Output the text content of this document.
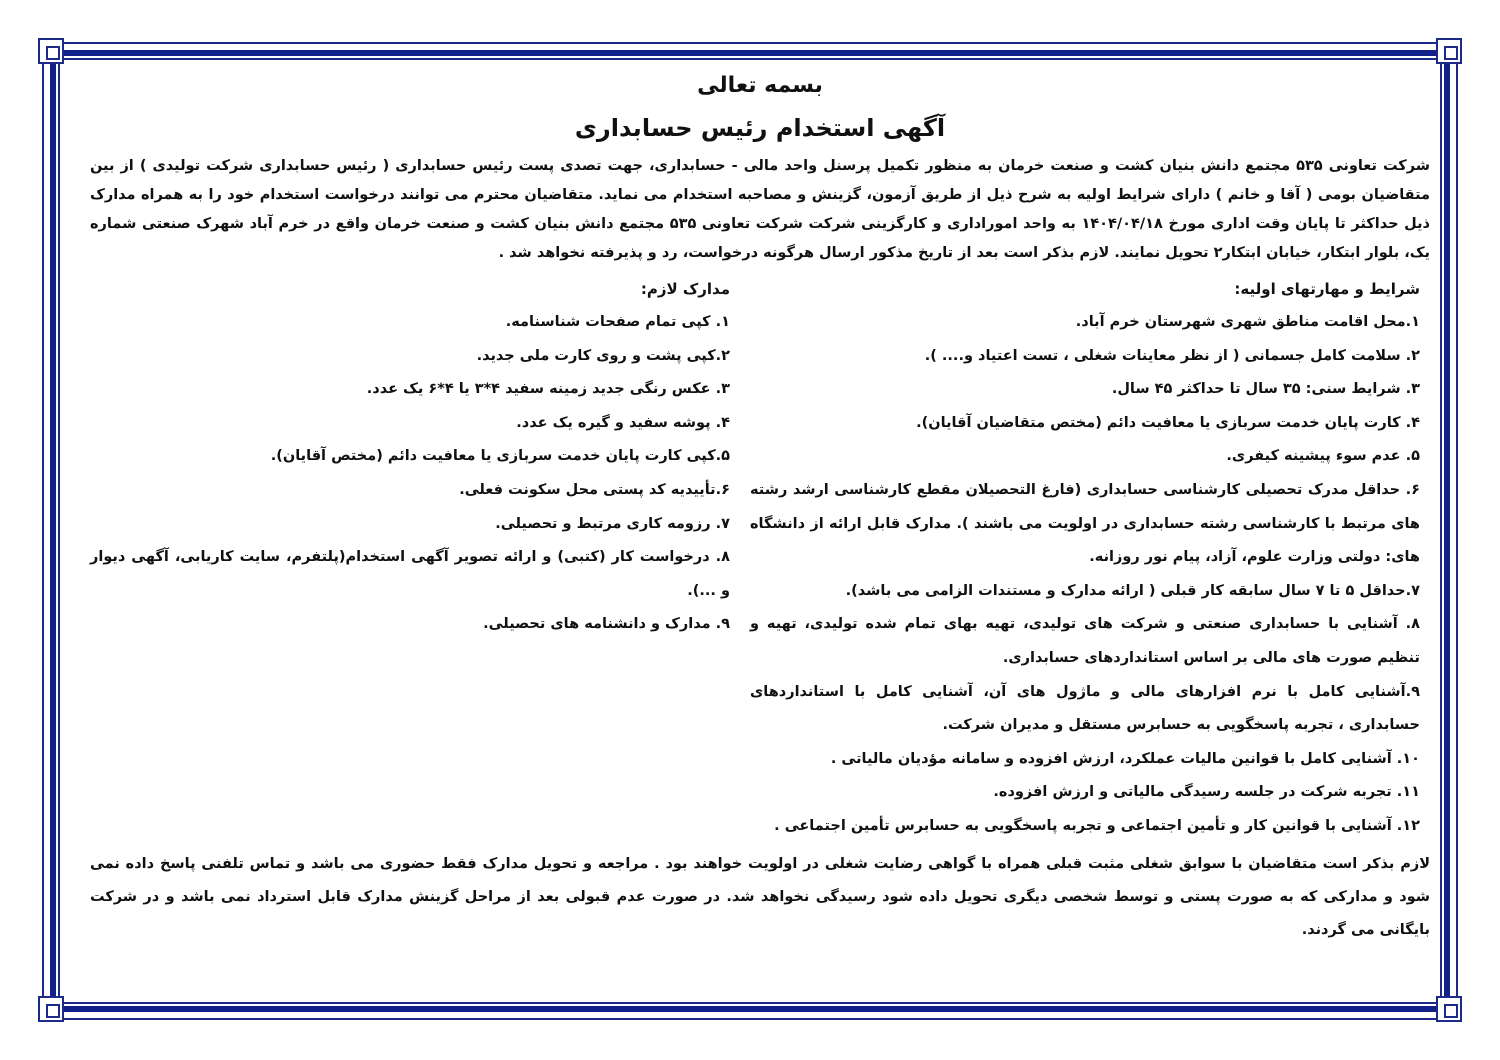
بسمه تعالی

آگهی استخدام رئیس حسابداری

شرکت تعاونی ۵۳۵ مجتمع دانش بنیان کشت و صنعت خرمان به منظور تکمیل پرسنل واحد مالی - حسابداری، جهت تصدی پست رئیس حسابداری ( رئیس حسابداری شرکت تولیدی ) از بین متقاضیان بومی ( آقا و خانم ) دارای شرایط اولیه به شرح ذیل از طریق آزمون، گزینش و مصاحبه استخدام می نماید. متقاضیان محترم می توانند درخواست استخدام خود را به همراه مدارک ذیل حداکثر تا پایان وقت اداری مورخ ۱۴۰۴/۰۴/۱۸ به واحد اموراداری و کارگزینی شرکت شرکت تعاونی ۵۳۵ مجتمع دانش بنیان کشت و صنعت خرمان واقع در خرم آباد شهرک صنعتی شماره یک، بلوار ابتکار، خیابان ابتکار۲ تحویل نمایند. لازم بذکر است بعد از تاریخ مذکور ارسال هرگونه درخواست، رد و پذیرفته نخواهد شد .

شرایط و مهارتهای اولیه:

۱.محل اقامت مناطق شهری شهرستان خرم آباد.

۲. سلامت کامل جسمانی ( از نظر معاینات شغلی ، تست اعتیاد و.... ).

۳. شرایط سنی: ۳۵ سال تا حداکثر ۴۵ سال.

۴. کارت پایان خدمت سربازی یا معافیت دائم (مختص متقاضیان آقایان).

۵. عدم سوء پیشینه کیفری.

۶. حداقل مدرک تحصیلی کارشناسی حسابداری (فارغ التحصیلان مقطع کارشناسی ارشد رشته های مرتبط با کارشناسی رشته حسابداری در اولویت می باشند ). مدارک قابل ارائه از دانشگاه های: دولتی وزارت علوم، آزاد، پیام نور روزانه.

۷.حداقل ۵ تا ۷ سال سابقه کار قبلی ( ارائه مدارک و مستندات الزامی می باشد).

۸. آشنایی با حسابداری صنعتی و شرکت های تولیدی، تهیه بهای تمام شده تولیدی، تهیه و تنظیم صورت های مالی بر اساس استانداردهای حسابداری.

۹.آشنایی کامل با نرم افزارهای مالی و ماژول های آن، آشنایی کامل با استانداردهای حسابداری ، تجربه پاسخگویی به حسابرس مستقل و مدیران شرکت.

۱۰. آشنایی کامل با قوانین مالیات عملکرد، ارزش افزوده و سامانه مؤدیان مالیاتی .

۱۱. تجربه شرکت در جلسه رسیدگی مالیاتی و ارزش افزوده.

۱۲. آشنایی با قوانین کار و تأمین اجتماعی و تجربه پاسخگویی به حسابرس تأمین اجتماعی .

مدارک لازم:

۱. کپی تمام صفحات شناسنامه.

۲.کپی پشت و روی کارت ملی جدید.

۳. عکس رنگی جدید زمینه سفید ۴*۳ یا ۴*۶ یک عدد.

۴. پوشه سفید و گیره یک عدد.

۵.کپی کارت پایان خدمت سربازی یا معافیت دائم (مختص آقایان).

۶.تأییدیه کد پستی محل سکونت فعلی.

۷. رزومه کاری مرتبط و تحصیلی.

۸. درخواست کار (کتبی) و ارائه تصویر آگهی استخدام(پلتفرم، سایت کاریابی، آگهی دیوار و ...).

۹. مدارک و دانشنامه های تحصیلی.

لازم بذکر است متقاضیان با سوابق شغلی مثبت قبلی همراه با گواهی رضایت شغلی در اولویت خواهند بود . مراجعه و تحویل مدارک فقط حضوری می باشد و تماس تلفنی پاسخ داده نمی شود و مدارکی که به صورت پستی و توسط شخصی دیگری تحویل داده شود رسیدگی نخواهد شد. در صورت عدم قبولی بعد از مراحل گزینش مدارک قابل استرداد نمی باشد و در شرکت بایگانی می گردند.
